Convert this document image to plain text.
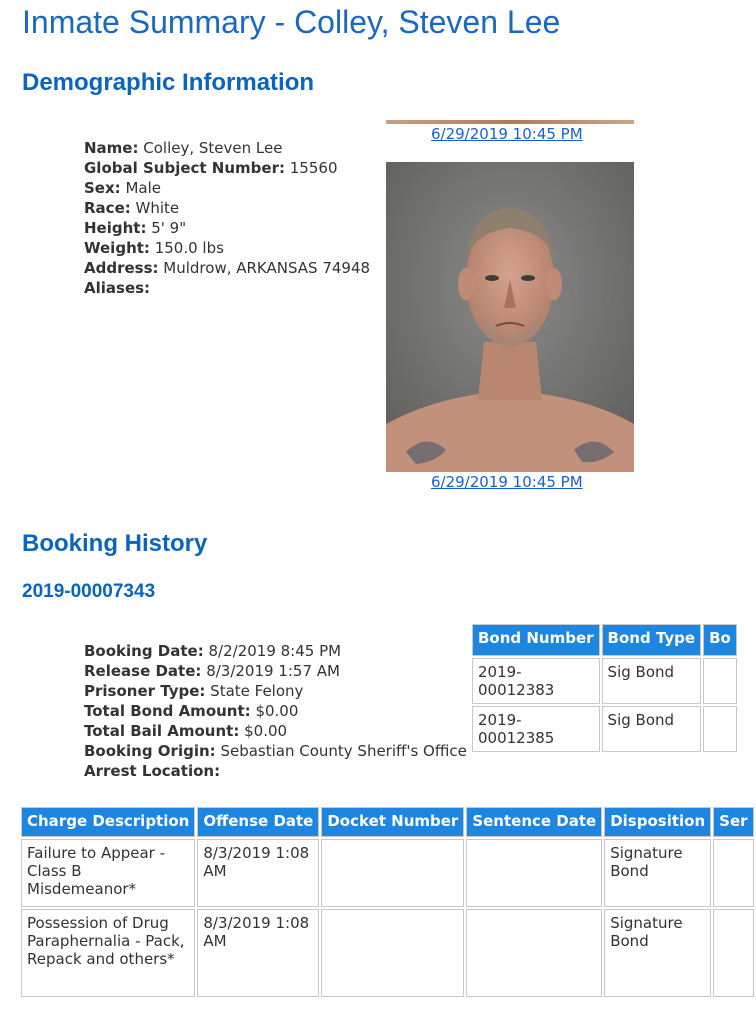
Inmate Summary - Colley, Steven Lee
Demographic Information
Name: Colley, Steven Lee
Global Subject Number: 15560
Sex: Male
Race: White
Height: 5' 9"
Weight: 150.0 lbs
Address: Muldrow, ARKANSAS 74948
Aliases:
6/29/2019 10:45 PM
6/29/2019 10:45 PM
Booking History
2019-00007343
Booking Date: 8/2/2019 8:45 PM
Release Date: 8/3/2019 1:57 AM
Prisoner Type: State Felony
Total Bond Amount: $0.00
Total Bail Amount: $0.00
Booking Origin: Sebastian County Sheriff's Office
Arrest Location:
Bond Number	Bond Type	Bo
2019-00012383	Sig Bond	
2019-00012385	Sig Bond	
Charge Description	Offense Date	Docket Number	Sentence Date	Disposition	Ser
Failure to Appear - Class B Misdemeanor*	8/3/2019 1:08 AM			Signature Bond	
Possession of Drug Paraphernalia - Pack, Repack and others*	8/3/2019 1:08 AM			Signature Bond	
